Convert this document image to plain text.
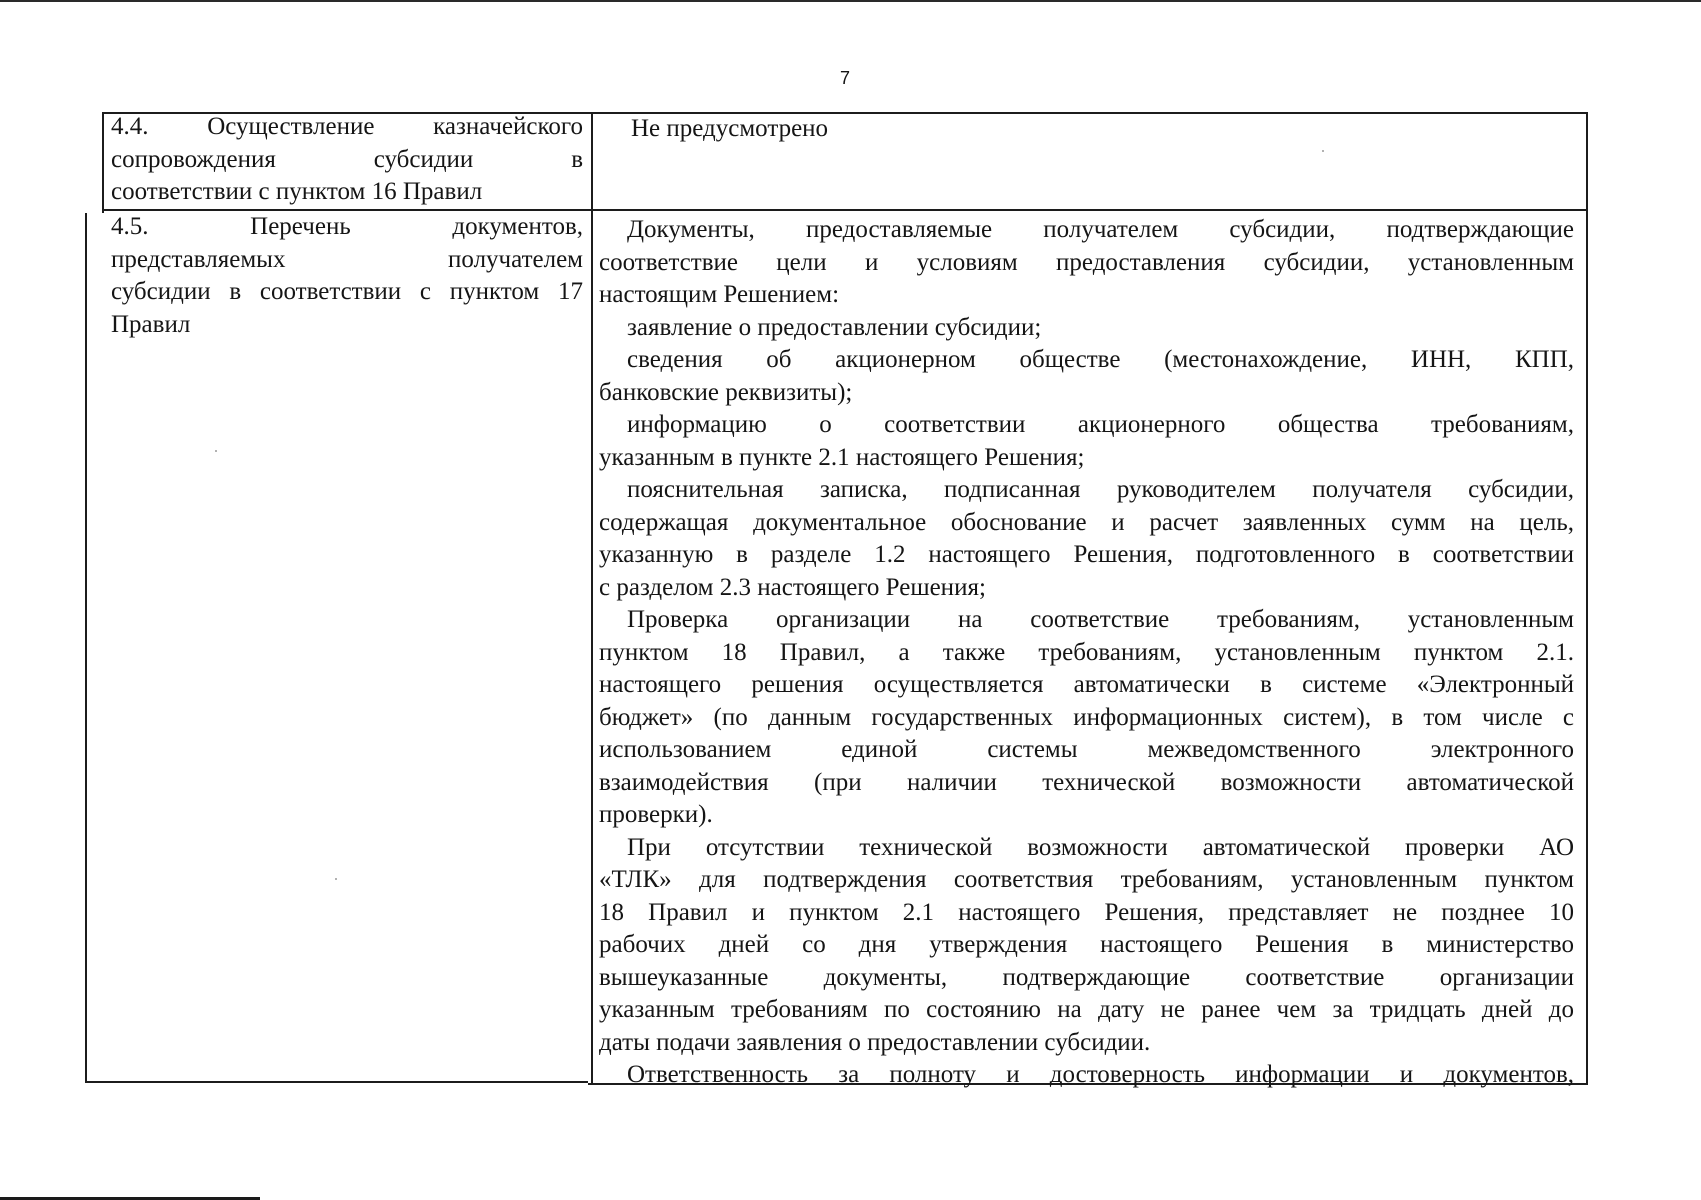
7
4.4. Осуществление казначейского
сопровождения субсидии в
соответствии с пунктом 16 Правил
Не предусмотрено
4.5. Перечень документов,
представляемых получателем
субсидии в соответствии с пунктом 17
Правил
Документы, предоставляемые получателем субсидии, подтверждающие
соответствие цели и условиям предоставления субсидии, установленным
настоящим Решением:
заявление о предоставлении субсидии;
сведения об акционерном обществе (местонахождение, ИНН, КПП,
банковские реквизиты);
информацию о соответствии акционерного общества требованиям,
указанным в пункте 2.1 настоящего Решения;
пояснительная записка, подписанная руководителем получателя субсидии,
содержащая документальное обоснование и расчет заявленных сумм на цель,
указанную в разделе 1.2 настоящего Решения, подготовленного в соответствии
с разделом 2.3 настоящего Решения;
Проверка организации на соответствие требованиям, установленным
пунктом 18 Правил, а также требованиям, установленным пунктом 2.1.
настоящего решения осуществляется автоматически в системе «Электронный
бюджет» (по данным государственных информационных систем), в том числе с
использованием единой системы межведомственного электронного
взаимодействия (при наличии технической возможности автоматической
проверки).
При отсутствии технической возможности автоматической проверки АО
«ТЛК» для подтверждения соответствия требованиям, установленным пунктом
18 Правил и пунктом 2.1 настоящего Решения, представляет не позднее 10
рабочих дней со дня утверждения настоящего Решения в министерство
вышеуказанные документы, подтверждающие соответствие организации
указанным требованиям по состоянию на дату не ранее чем за тридцать дней до
даты подачи заявления о предоставлении субсидии.
Ответственность за полноту и достоверность информации и документов,
